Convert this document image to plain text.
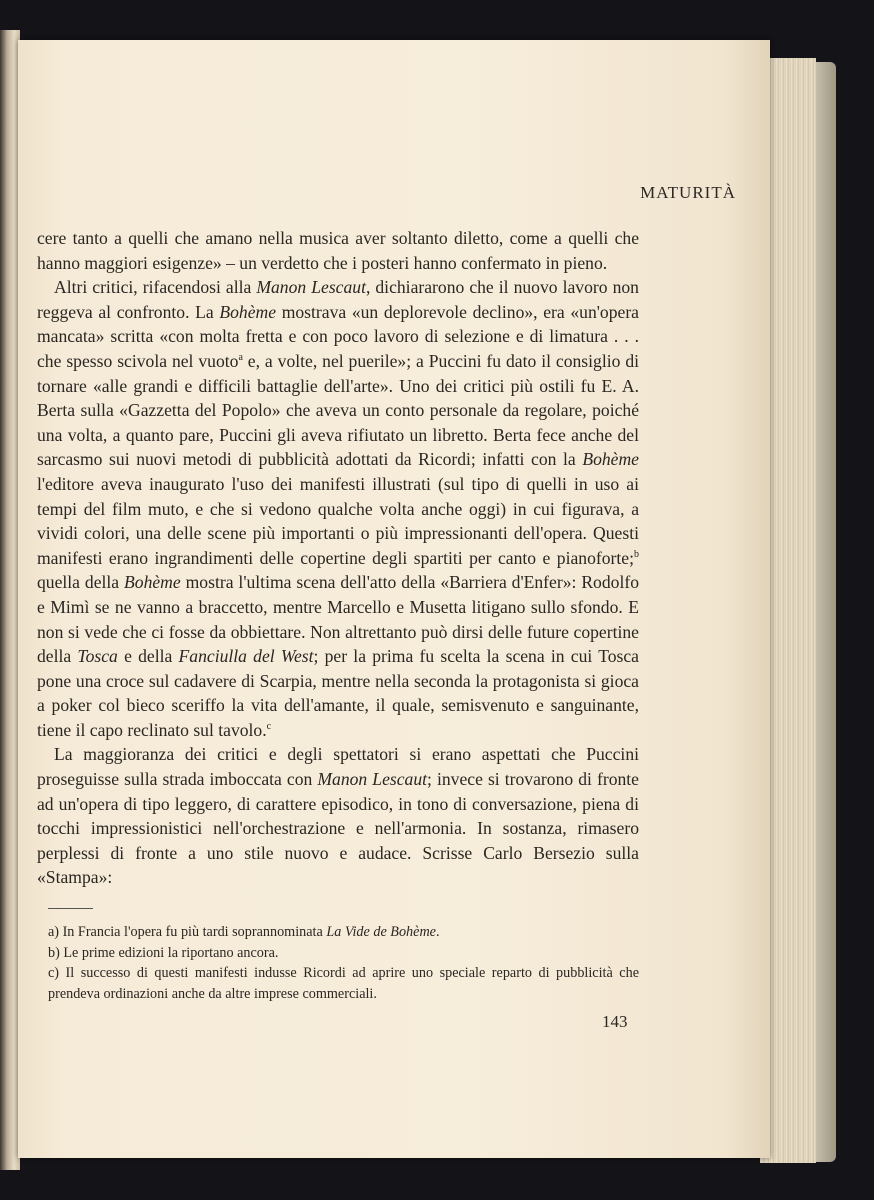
MATURITÀ

cere tanto a quelli che amano nella musica aver soltanto diletto, come a quelli che hanno maggiori esigenze» – un verdetto che i posteri hanno confermato in pieno.

Altri critici, rifacendosi alla Manon Lescaut, dichiararono che il nuovo lavoro non reggeva al confronto. La Bohème mostrava «un deplorevole declino», era «un'opera mancata» scritta «con molta fretta e con poco lavoro di selezione e di limatura . . . che spesso scivola nel vuoto$^a$ e, a volte, nel puerile»; a Puccini fu dato il consiglio di tornare «alle grandi e difficili battaglie dell'arte». Uno dei critici più ostili fu E. A. Berta sulla «Gazzetta del Popolo» che aveva un conto personale da regolare, poiché una volta, a quanto pare, Puccini gli aveva rifiutato un libretto. Berta fece anche del sarcasmo sui nuovi metodi di pubblicità adottati da Ricordi; infatti con la Bohème l'editore aveva inaugurato l'uso dei manifesti illustrati (sul tipo di quelli in uso ai tempi del film muto, e che si vedono qualche volta anche oggi) in cui figurava, a vividi colori, una delle scene più importanti o più impressionanti dell'opera. Questi manifesti erano ingrandimenti delle copertine degli spartiti per canto e pianoforte;$^b$ quella della Bohème mostra l'ultima scena dell'atto della «Barriera d'Enfer»: Rodolfo e Mimì se ne vanno a braccetto, mentre Marcello e Musetta litigano sullo sfondo. E non si vede che ci fosse da obbiettare. Non altrettanto può dirsi delle future copertine della Tosca e della Fanciulla del West; per la prima fu scelta la scena in cui Tosca pone una croce sul cadavere di Scarpia, mentre nella seconda la protagonista si gioca a poker col bieco sceriffo la vita dell'amante, il quale, semisvenuto e sanguinante, tiene il capo reclinato sul tavolo.$^c$

La maggioranza dei critici e degli spettatori si erano aspettati che Puccini proseguisse sulla strada imboccata con Manon Lescaut; invece si trovarono di fronte ad un'opera di tipo leggero, di carattere episodico, in tono di conversazione, piena di tocchi impressionistici nell'orchestrazione e nell'armonia. In sostanza, rimasero perplessi di fronte a uno stile nuovo e audace. Scrisse Carlo Bersezio sulla «Stampa»:

a) In Francia l'opera fu più tardi soprannominata La Vide de Bohème.

b) Le prime edizioni la riportano ancora.

c) Il successo di questi manifesti indusse Ricordi ad aprire uno speciale reparto di pubblicità che prendeva ordinazioni anche da altre imprese commerciali.

143
